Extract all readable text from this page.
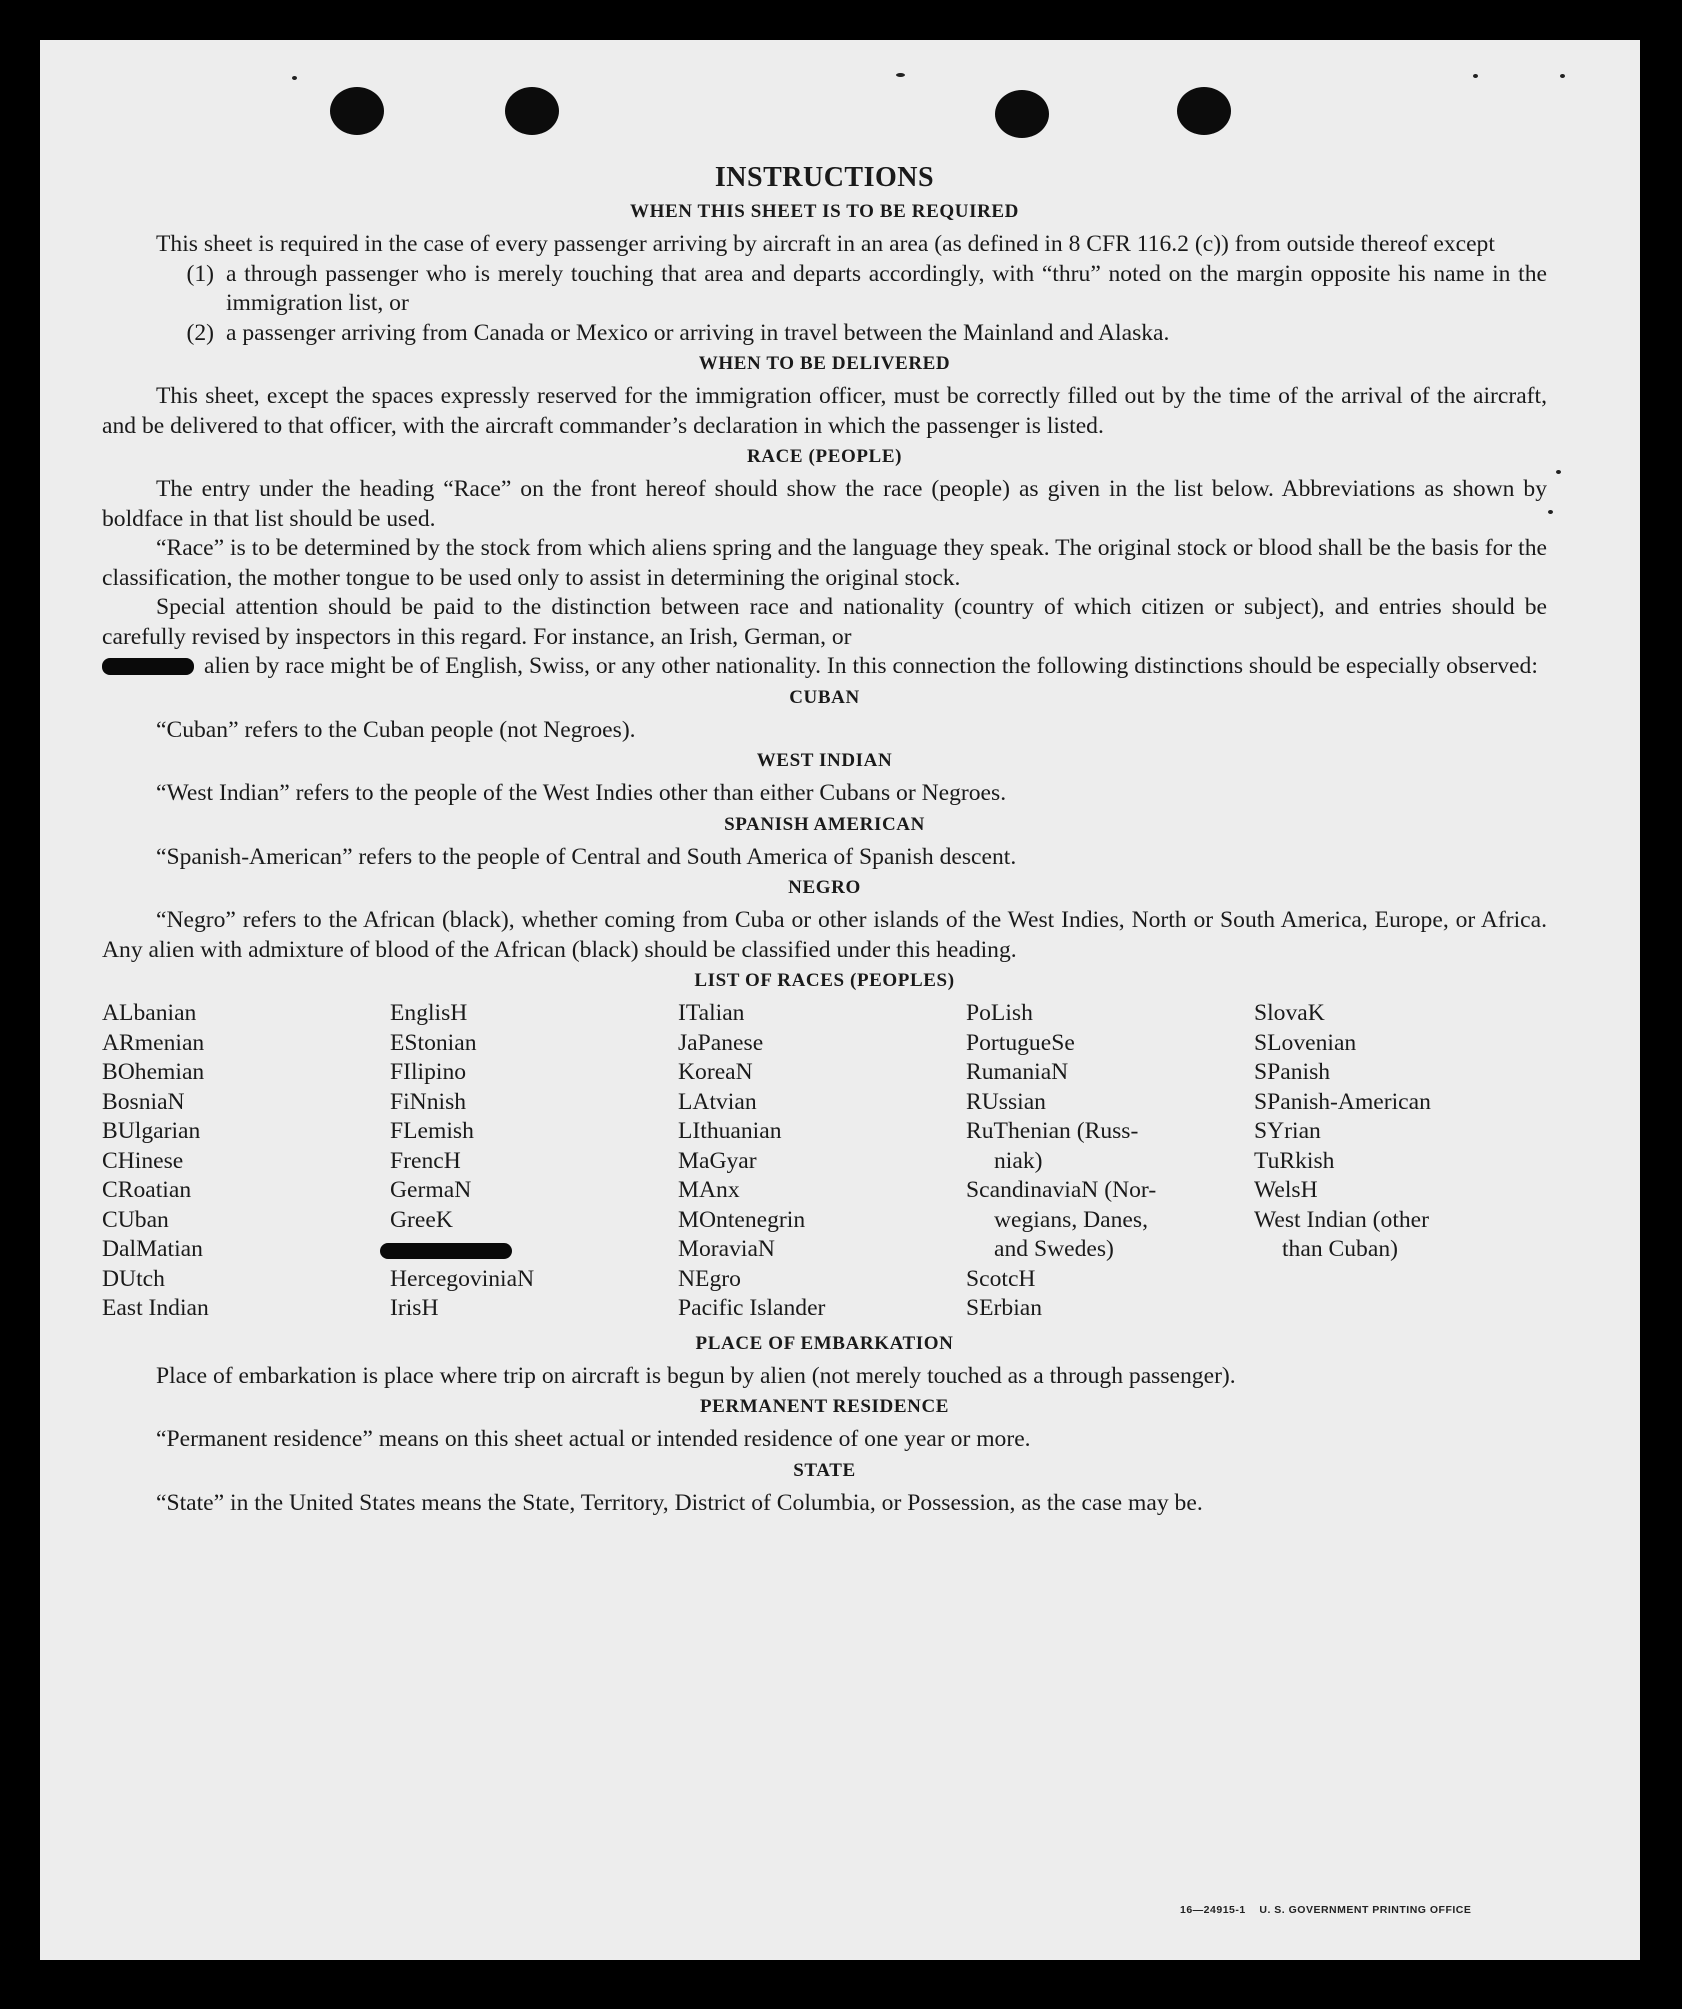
INSTRUCTIONS
WHEN THIS SHEET IS TO BE REQUIRED

This sheet is required in the case of every passenger arriving by aircraft in an area (as defined in 8 CFR 116.2 (c)) from outside thereof except

(1) a through passenger who is merely touching that area and departs accordingly, with “thru” noted on the margin opposite his name in the immigration list, or
(2) a passenger arriving from Canada or Mexico or arriving in travel between the Mainland and Alaska.
WHEN TO BE DELIVERED

This sheet, except the spaces expressly reserved for the immigration officer, must be correctly filled out by the time of the arrival of the aircraft, and be delivered to that officer, with the aircraft commander’s declaration in which the passenger is listed.

RACE (PEOPLE)

The entry under the heading “Race” on the front hereof should show the race (people) as given in the list below. Abbreviations as shown by boldface in that list should be used.

“Race” is to be determined by the stock from which aliens spring and the language they speak. The original stock or blood shall be the basis for the classification, the mother tongue to be used only to assist in determining the original stock.

Special attention should be paid to the distinction between race and nationality (country of which citizen or subject), and entries should be carefully revised by inspectors in this regard. For instance, an Irish, German, or

alien by race might be of English, Swiss, or any other nationality. In this connection the following distinctions should be especially observed:

CUBAN

“Cuban” refers to the Cuban people (not Negroes).

WEST INDIAN

“West Indian” refers to the people of the West Indies other than either Cubans or Negroes.

SPANISH AMERICAN

“Spanish-American” refers to the people of Central and South America of Spanish descent.

NEGRO

“Negro” refers to the African (black), whether coming from Cuba or other islands of the West Indies, North or South America, Europe, or Africa. Any alien with admixture of blood of the African (black) should be classified under this heading.

LIST OF RACES (PEOPLES)
ALbanian
ARmenian
BOhemian
BosniaN
BUlgarian
CHinese
CRoatian
CUban
DalMatian
DUtch
East Indian
EnglisH
EStonian
FIlipino
FiNnish
FLemish
FrencH
GermaN
GreeK
HercegoviniaN
IrisH
ITalian
JaPanese
KoreaN
LAtvian
LIthuanian
MaGyar
MAnx
MOntenegrin
MoraviaN
NEgro
Pacific Islander
PoLish
PortugueSe
RumaniaN
RUssian
RuThenian (Russ-
niak)
ScandinaviaN (Nor-
wegians, Danes,
and Swedes)
ScotcH
SErbian
SlovaK
SLovenian
SPanish
SPanish-American
SYrian
TuRkish
WelsH
West Indian (other
than Cuban)
PLACE OF EMBARKATION

Place of embarkation is place where trip on aircraft is begun by alien (not merely touched as a through passenger).

PERMANENT RESIDENCE

“Permanent residence” means on this sheet actual or intended residence of one year or more.

STATE

“State” in the United States means the State, Territory, District of Columbia, or Possession, as the case may be.

16—24915-1    U. S. GOVERNMENT PRINTING OFFICE
